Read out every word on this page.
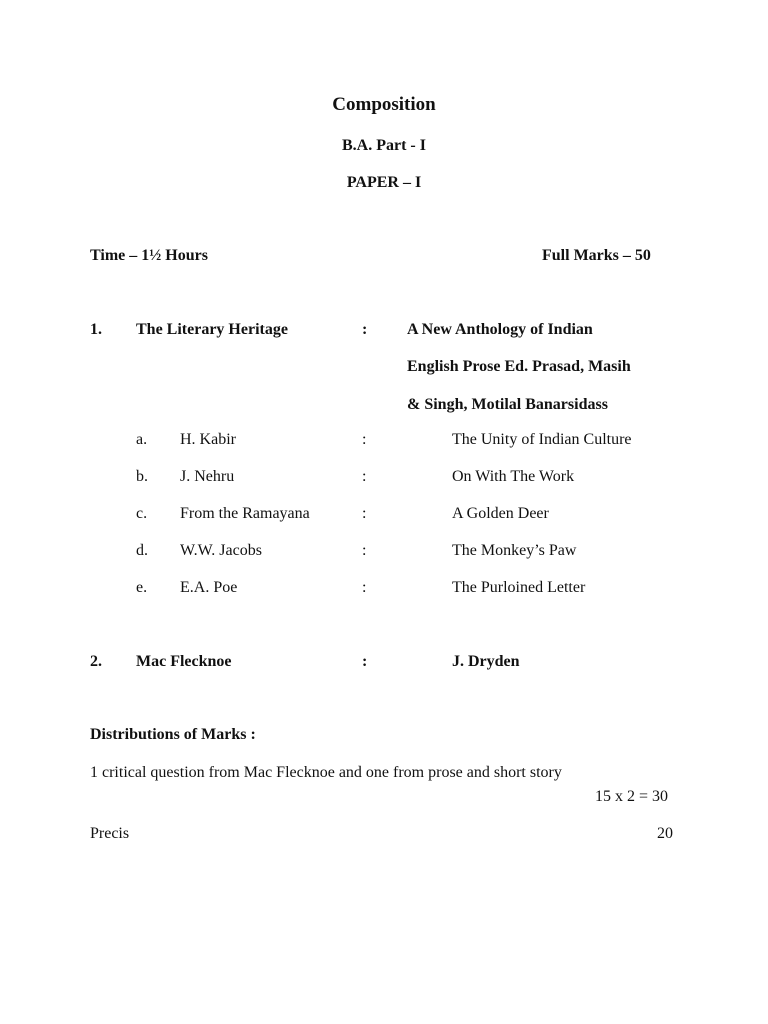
Composition
B.A. Part - I
PAPER – I
Time – 1½ Hours	Full Marks – 50
1. The Literary Heritage	: A New Anthology of Indian
English Prose Ed. Prasad, Masih
& Singh, Motilal Banarsidass
a. H. Kabir	:	The Unity of Indian Culture
b. J. Nehru	:	On With The Work
c. From the Ramayana	:	A Golden Deer
d. W.W. Jacobs	:	The Monkey’s Paw
e. E.A. Poe	:	The Purloined Letter
2. Mac Flecknoe	:	J. Dryden
Distributions of Marks :
1 critical question from Mac Flecknoe and one from prose and short story
15 x 2 = 30
Precis	20
